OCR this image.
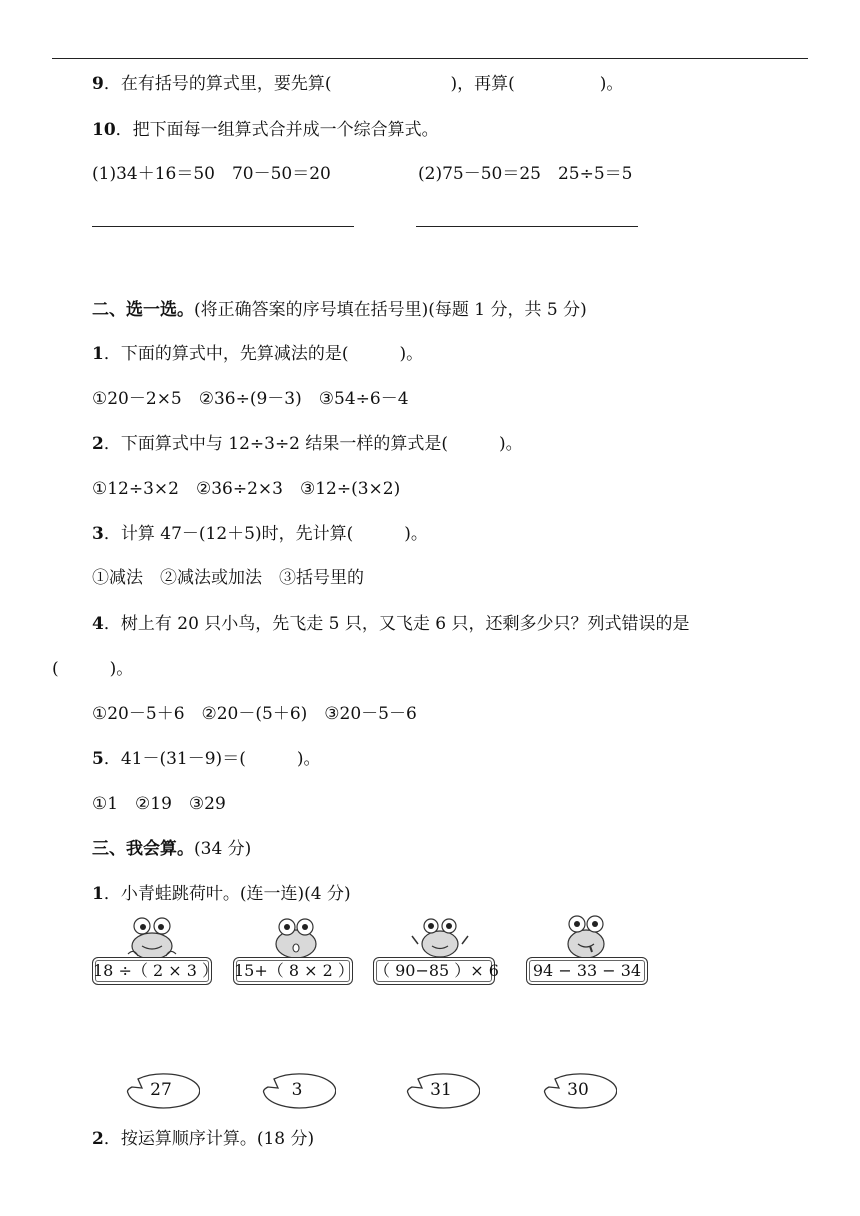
9．在有括号的算式里，要先算(　　　　　　　)，再算(　　　　　)。
10．把下面每一组算式合并成一个综合算式。
(1)34＋16＝50　70－50＝20	(2)75－50＝25　25÷5＝5
二、选一选。(将正确答案的序号填在括号里)(每题 1 分，共 5 分)
1．下面的算式中，先算减法的是(　　　)。
①20－2×5　②36÷(9－3)　③54÷6－4
2．下面算式中与 12÷3÷2 结果一样的算式是(　　　)。
①12÷3×2　②36÷2×3　③12÷(3×2)
3．计算 47－(12＋5)时，先计算(　　　)。
①减法　②减法或加法　③括号里的
4．树上有 20 只小鸟，先飞走 5 只，又飞走 6 只，还剩多少只？列式错误的是
(　　　)。
①20－5＋6　②20－(5＋6)　③20－5－6
5．41－(31－9)＝(　　　)。
①1　②19　③29
三、我会算。(34 分)
1．小青蛙跳荷叶。(连一连)(4 分)
18 ÷（ 2 × 3 ） 15+（ 8 × 2 ） （ 90−85 ）× 6	94 − 33 − 34
27	3	31	30
2．按运算顺序计算。(18 分)
